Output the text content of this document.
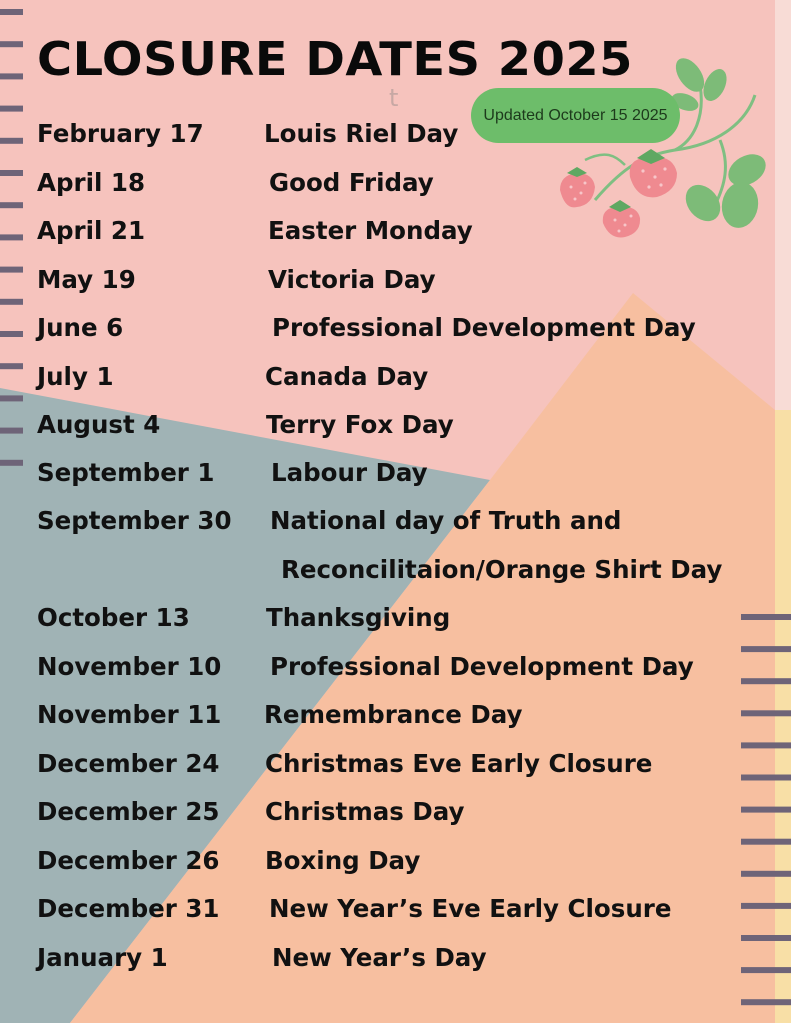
CLOSURE DATES 2025
t
Updated October 15 2025
February 17 Louis Riel Day
April 18	Good Friday
April 21	Easter Monday
May 19	Victoria Day
June 6	Professional Development Day
July 1	Canada Day
August 4	Terry Fox Day
September 1 Labour Day
September 30 National day of Truth and
Reconcilitaion/Orange Shirt Day
October 13	Thanksgiving
November 10 Professional Development Day
November 11 Remembrance Day
December 24 Christmas Eve Early Closure
December 25 Christmas Day
December 26 Boxing Day
December 31 New Year’s Eve Early Closure
January 1	New Year’s Day
